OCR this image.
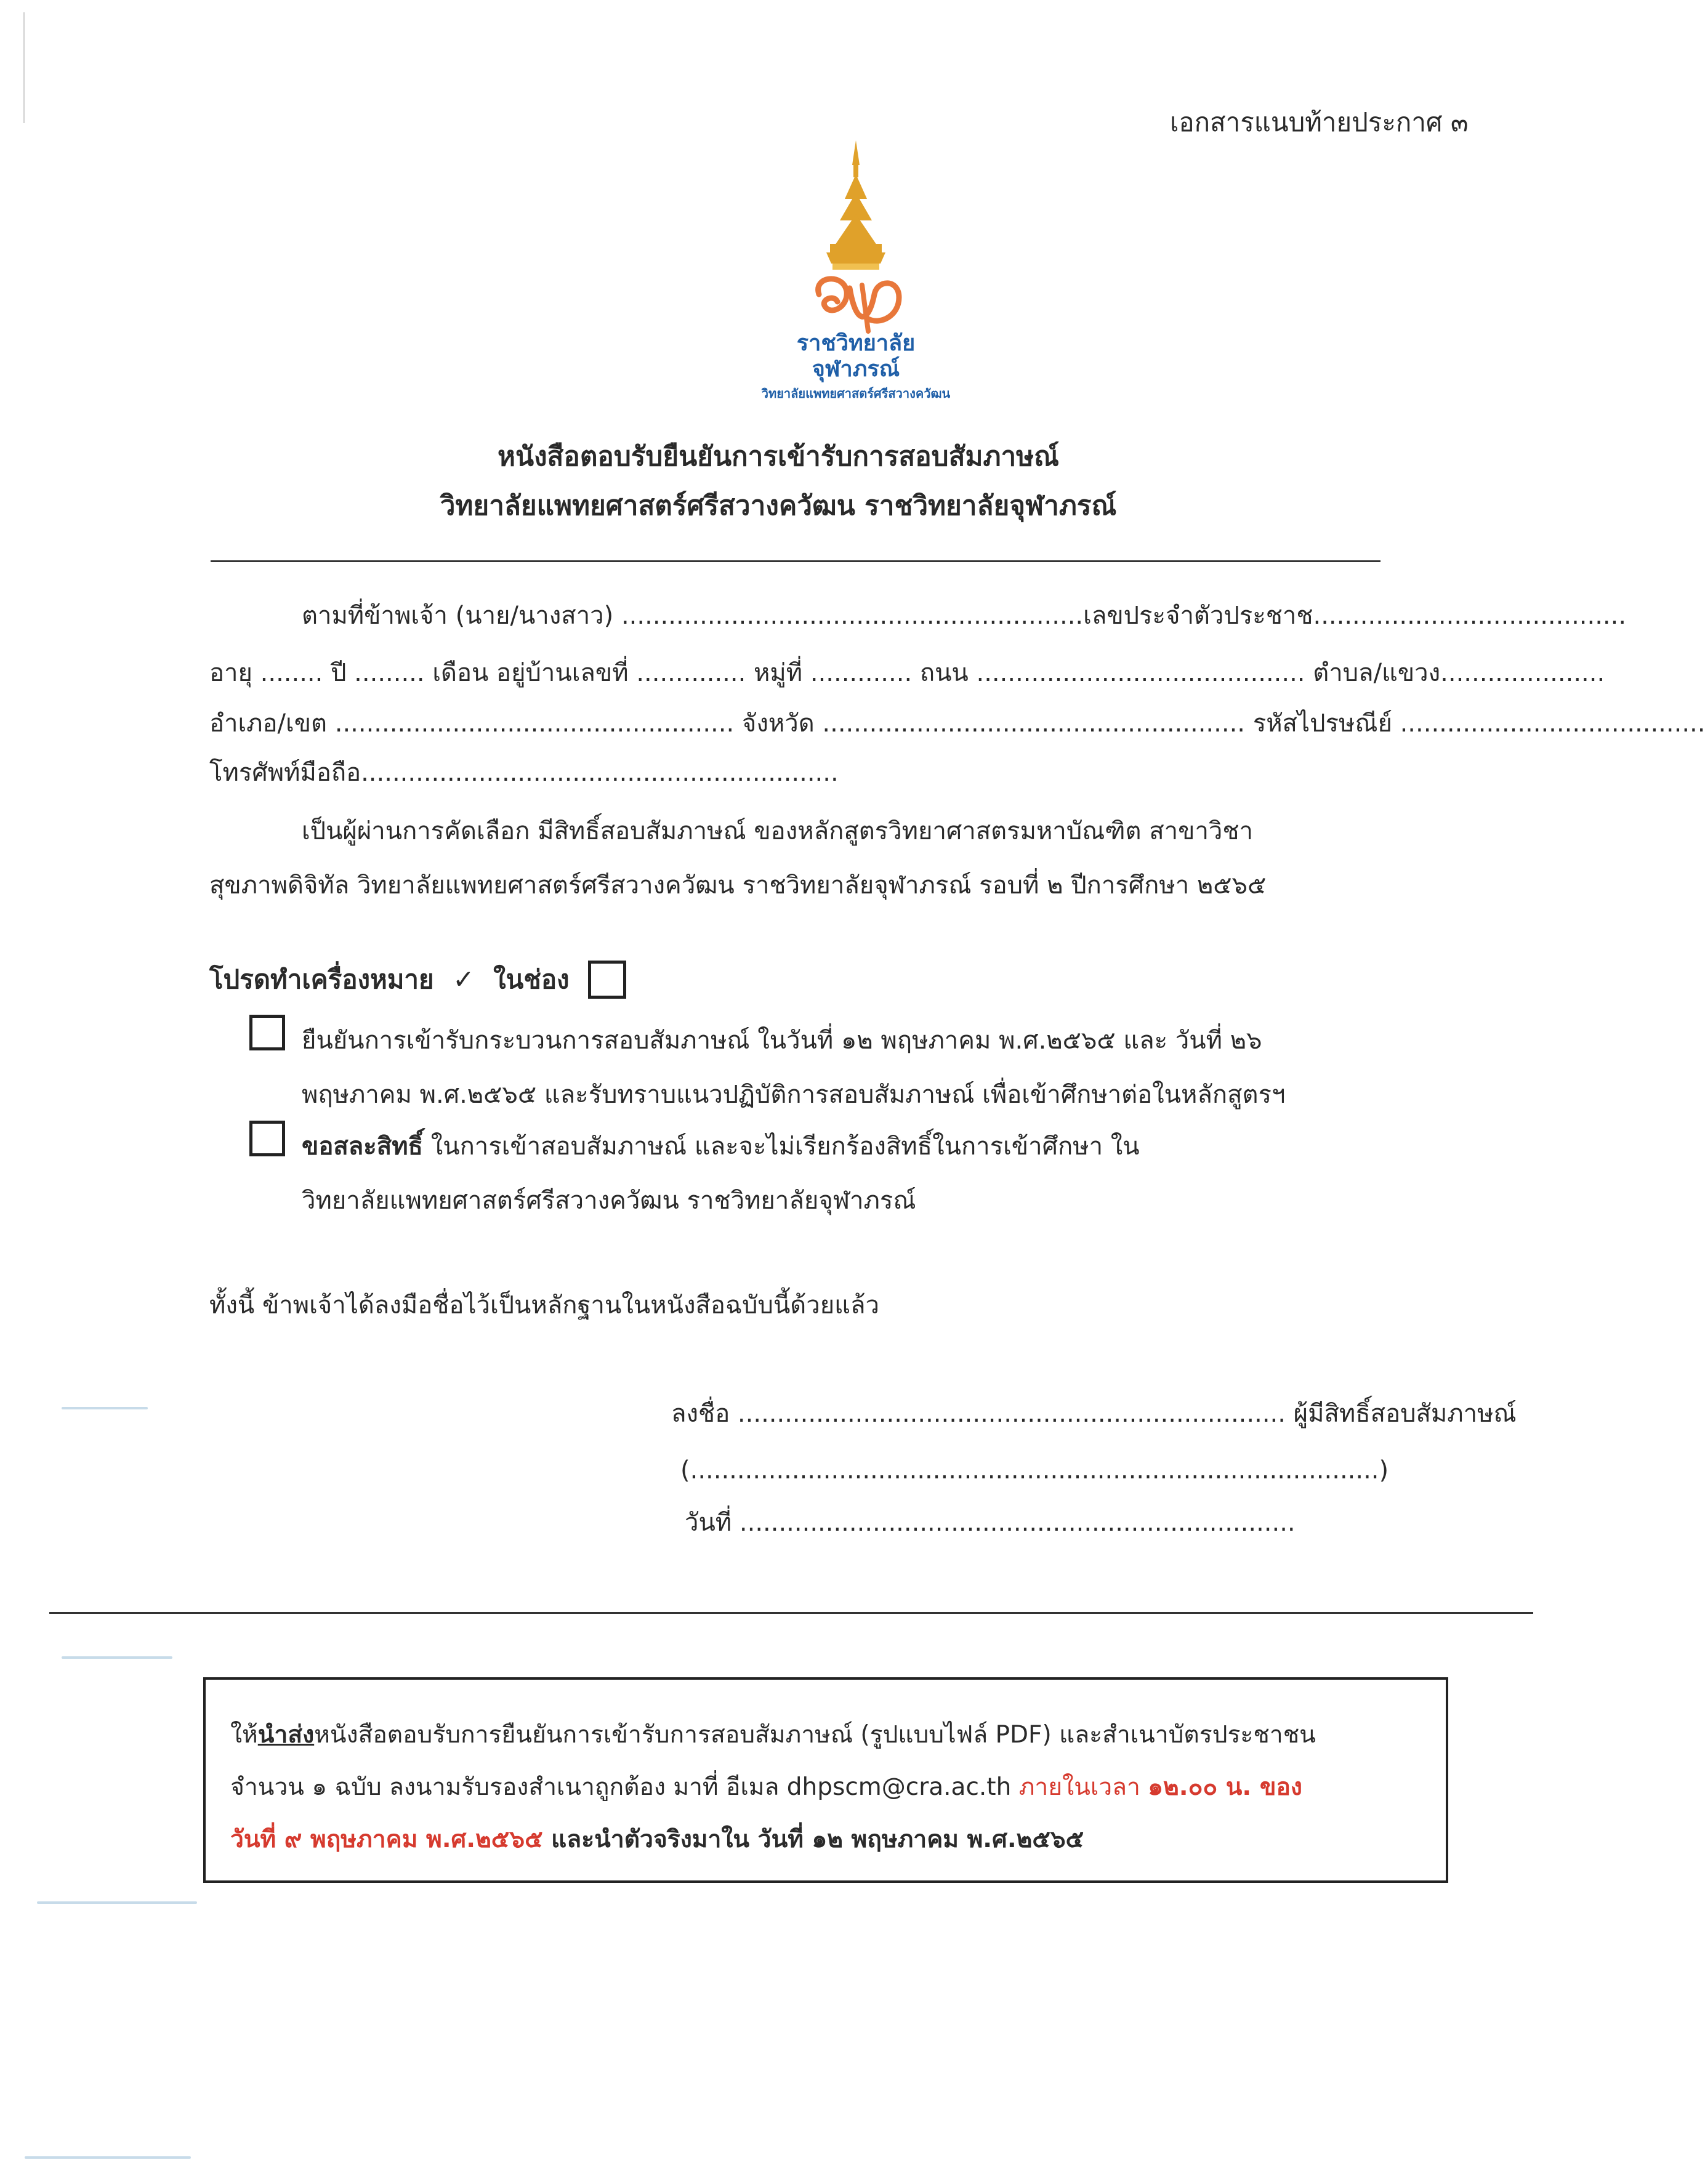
เอกสารแนบท้ายประกาศ ๓
ราชวิทยาลัย
จุฬาภรณ์
วิทยาลัยแพทยศาสตร์ศรีสวางควัฒน
หนังสือตอบรับยืนยันการเข้ารับการสอบสัมภาษณ์
วิทยาลัยแพทยศาสตร์ศรีสวางควัฒน ราชวิทยาลัยจุฬาภรณ์
ตามที่ข้าพเจ้า (นาย/นางสาว) ...........................................................เลขประจำตัวประชาช........................................
อายุ ........ ปี ......... เดือน อยู่บ้านเลขที่ .............. หมู่ที่ ............. ถนน .......................................... ตำบล/แขวง.....................
อำเภอ/เขต ................................................... จังหวัด ...................................................... รหัสไปรษณีย์ .......................................
โทรศัพท์มือถือ.............................................................
เป็นผู้ผ่านการคัดเลือก มีสิทธิ์สอบสัมภาษณ์ ของหลักสูตรวิทยาศาสตรมหาบัณฑิต สาขาวิชา
สุขภาพดิจิทัล วิทยาลัยแพทยศาสตร์ศรีสวางควัฒน ราชวิทยาลัยจุฬาภรณ์ รอบที่ ๒ ปีการศึกษา ๒๕๖๕
โปรดทำเครื่องหมาย ✓ ในช่อง
ยืนยันการเข้ารับกระบวนการสอบสัมภาษณ์ ในวันที่ ๑๒ พฤษภาคม พ.ศ.๒๕๖๕ และ วันที่ ๒๖
พฤษภาคม พ.ศ.๒๕๖๕ และรับทราบแนวปฏิบัติการสอบสัมภาษณ์ เพื่อเข้าศึกษาต่อในหลักสูตรฯ
ขอสละสิทธิ์ ในการเข้าสอบสัมภาษณ์ และจะไม่เรียกร้องสิทธิ์ในการเข้าศึกษา ใน
วิทยาลัยแพทยศาสตร์ศรีสวางควัฒน ราชวิทยาลัยจุฬาภรณ์
ทั้งนี้ ข้าพเจ้าได้ลงมือชื่อไว้เป็นหลักฐานในหนังสือฉบับนี้ด้วยแล้ว
ลงชื่อ ...................................................................... ผู้มีสิทธิ์สอบสัมภาษณ์
(........................................................................................)
วันที่ .......................................................................
ให้นำส่งหนังสือตอบรับการยืนยันการเข้ารับการสอบสัมภาษณ์ (รูปแบบไฟล์ PDF) และสำเนาบัตรประชาชน
จำนวน ๑ ฉบับ ลงนามรับรองสำเนาถูกต้อง มาที่ อีเมล dhpscm@cra.ac.th ภายในเวลา ๑๒.๐๐ น. ของ
วันที่ ๙ พฤษภาคม พ.ศ.๒๕๖๕ และนำตัวจริงมาใน วันที่ ๑๒ พฤษภาคม พ.ศ.๒๕๖๕
